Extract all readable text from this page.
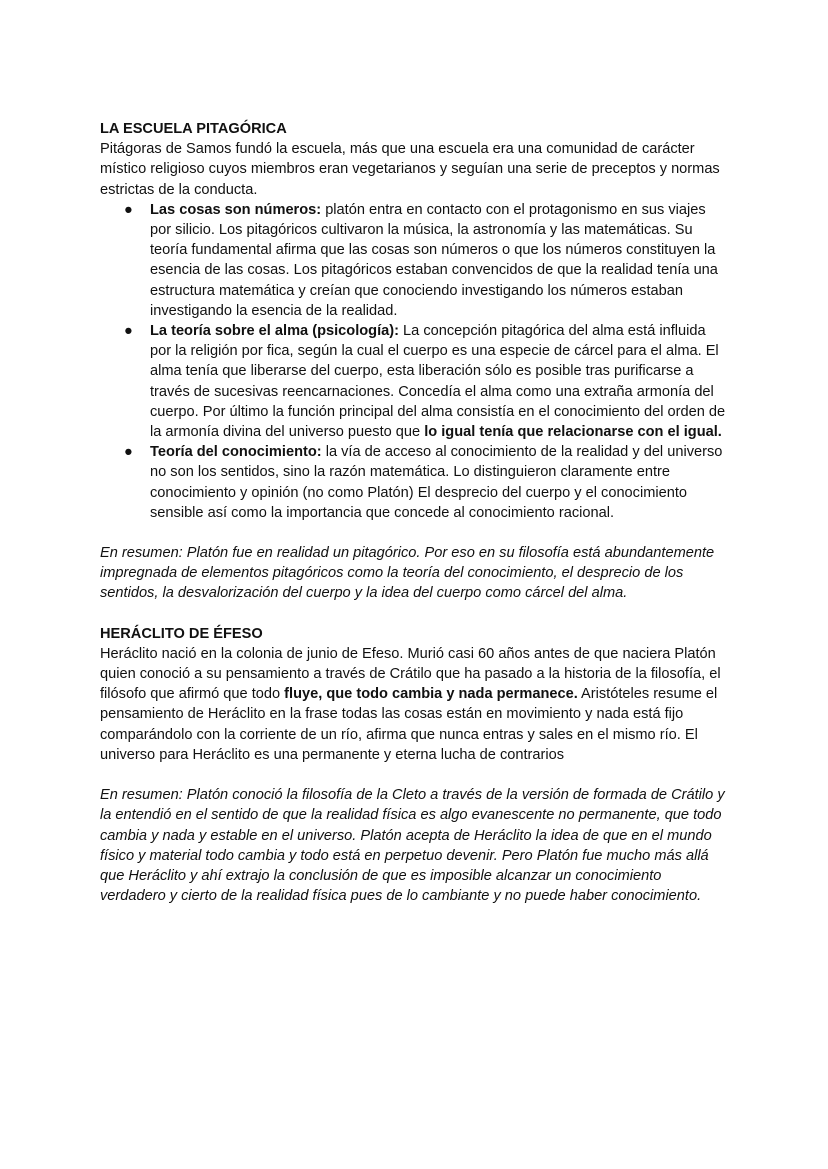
LA ESCUELA PITAGÓRICA

Pitágoras de Samos fundó la escuela, más que una escuela era una comunidad de carácter místico religioso cuyos miembros eran vegetarianos y seguían una serie de preceptos y normas estrictas de la conducta.

● Las cosas son números: platón entra en contacto con el protagonismo en sus viajes por silicio. Los pitagóricos cultivaron la música, la astronomía y las matemáticas. Su teoría fundamental afirma que las cosas son números o que los números constituyen la esencia de las cosas. Los pitagóricos estaban convencidos de que la realidad tenía una estructura matemática y creían que conociendo investigando los números estaban investigando la esencia de la realidad.
● La teoría sobre el alma (psicología): La concepción pitagórica del alma está influida por la religión por fica, según la cual el cuerpo es una especie de cárcel para el alma. El alma tenía que liberarse del cuerpo, esta liberación sólo es posible tras purificarse a través de sucesivas reencarnaciones. Concedía el alma como una extraña armonía del cuerpo. Por último la función principal del alma consistía en el conocimiento del orden de la armonía divina del universo puesto que lo igual tenía que relacionarse con el igual.
● Teoría del conocimiento: la vía de acceso al conocimiento de la realidad y del universo no son los sentidos, sino la razón matemática. Lo distinguieron claramente entre conocimiento y opinión (no como Platón) El desprecio del cuerpo y el conocimiento sensible así como la importancia que concede al conocimiento racional.

En resumen: Platón fue en realidad un pitagórico. Por eso en su filosofía está abundantemente impregnada de elementos pitagóricos como la teoría del conocimiento, el desprecio de los sentidos, la desvalorización del cuerpo y la idea del cuerpo como cárcel del alma.

HERÁCLITO DE ÉFESO

Heráclito nació en la colonia de junio de Efeso. Murió casi 60 años antes de que naciera Platón quien conoció a su pensamiento a través de Crátilo que ha pasado a la historia de la filosofía, el filósofo que afirmó que todo fluye, que todo cambia y nada permanece. Aristóteles resume el pensamiento de Heráclito en la frase todas las cosas están en movimiento y nada está fijo comparándolo con la corriente de un río, afirma que nunca entras y sales en el mismo río. El universo para Heráclito es una permanente y eterna lucha de contrarios

En resumen: Platón conoció la filosofía de la Cleto a través de la versión de formada de Crátilo y la entendió en el sentido de que la realidad física es algo evanescente no permanente, que todo cambia y nada y estable en el universo. Platón acepta de Heráclito la idea de que en el mundo físico y material todo cambia y todo está en perpetuo devenir. Pero Platón fue mucho más allá que Heráclito y ahí extrajo la conclusión de que es imposible alcanzar un conocimiento verdadero y cierto de la realidad física pues de lo cambiante y no puede haber conocimiento.
